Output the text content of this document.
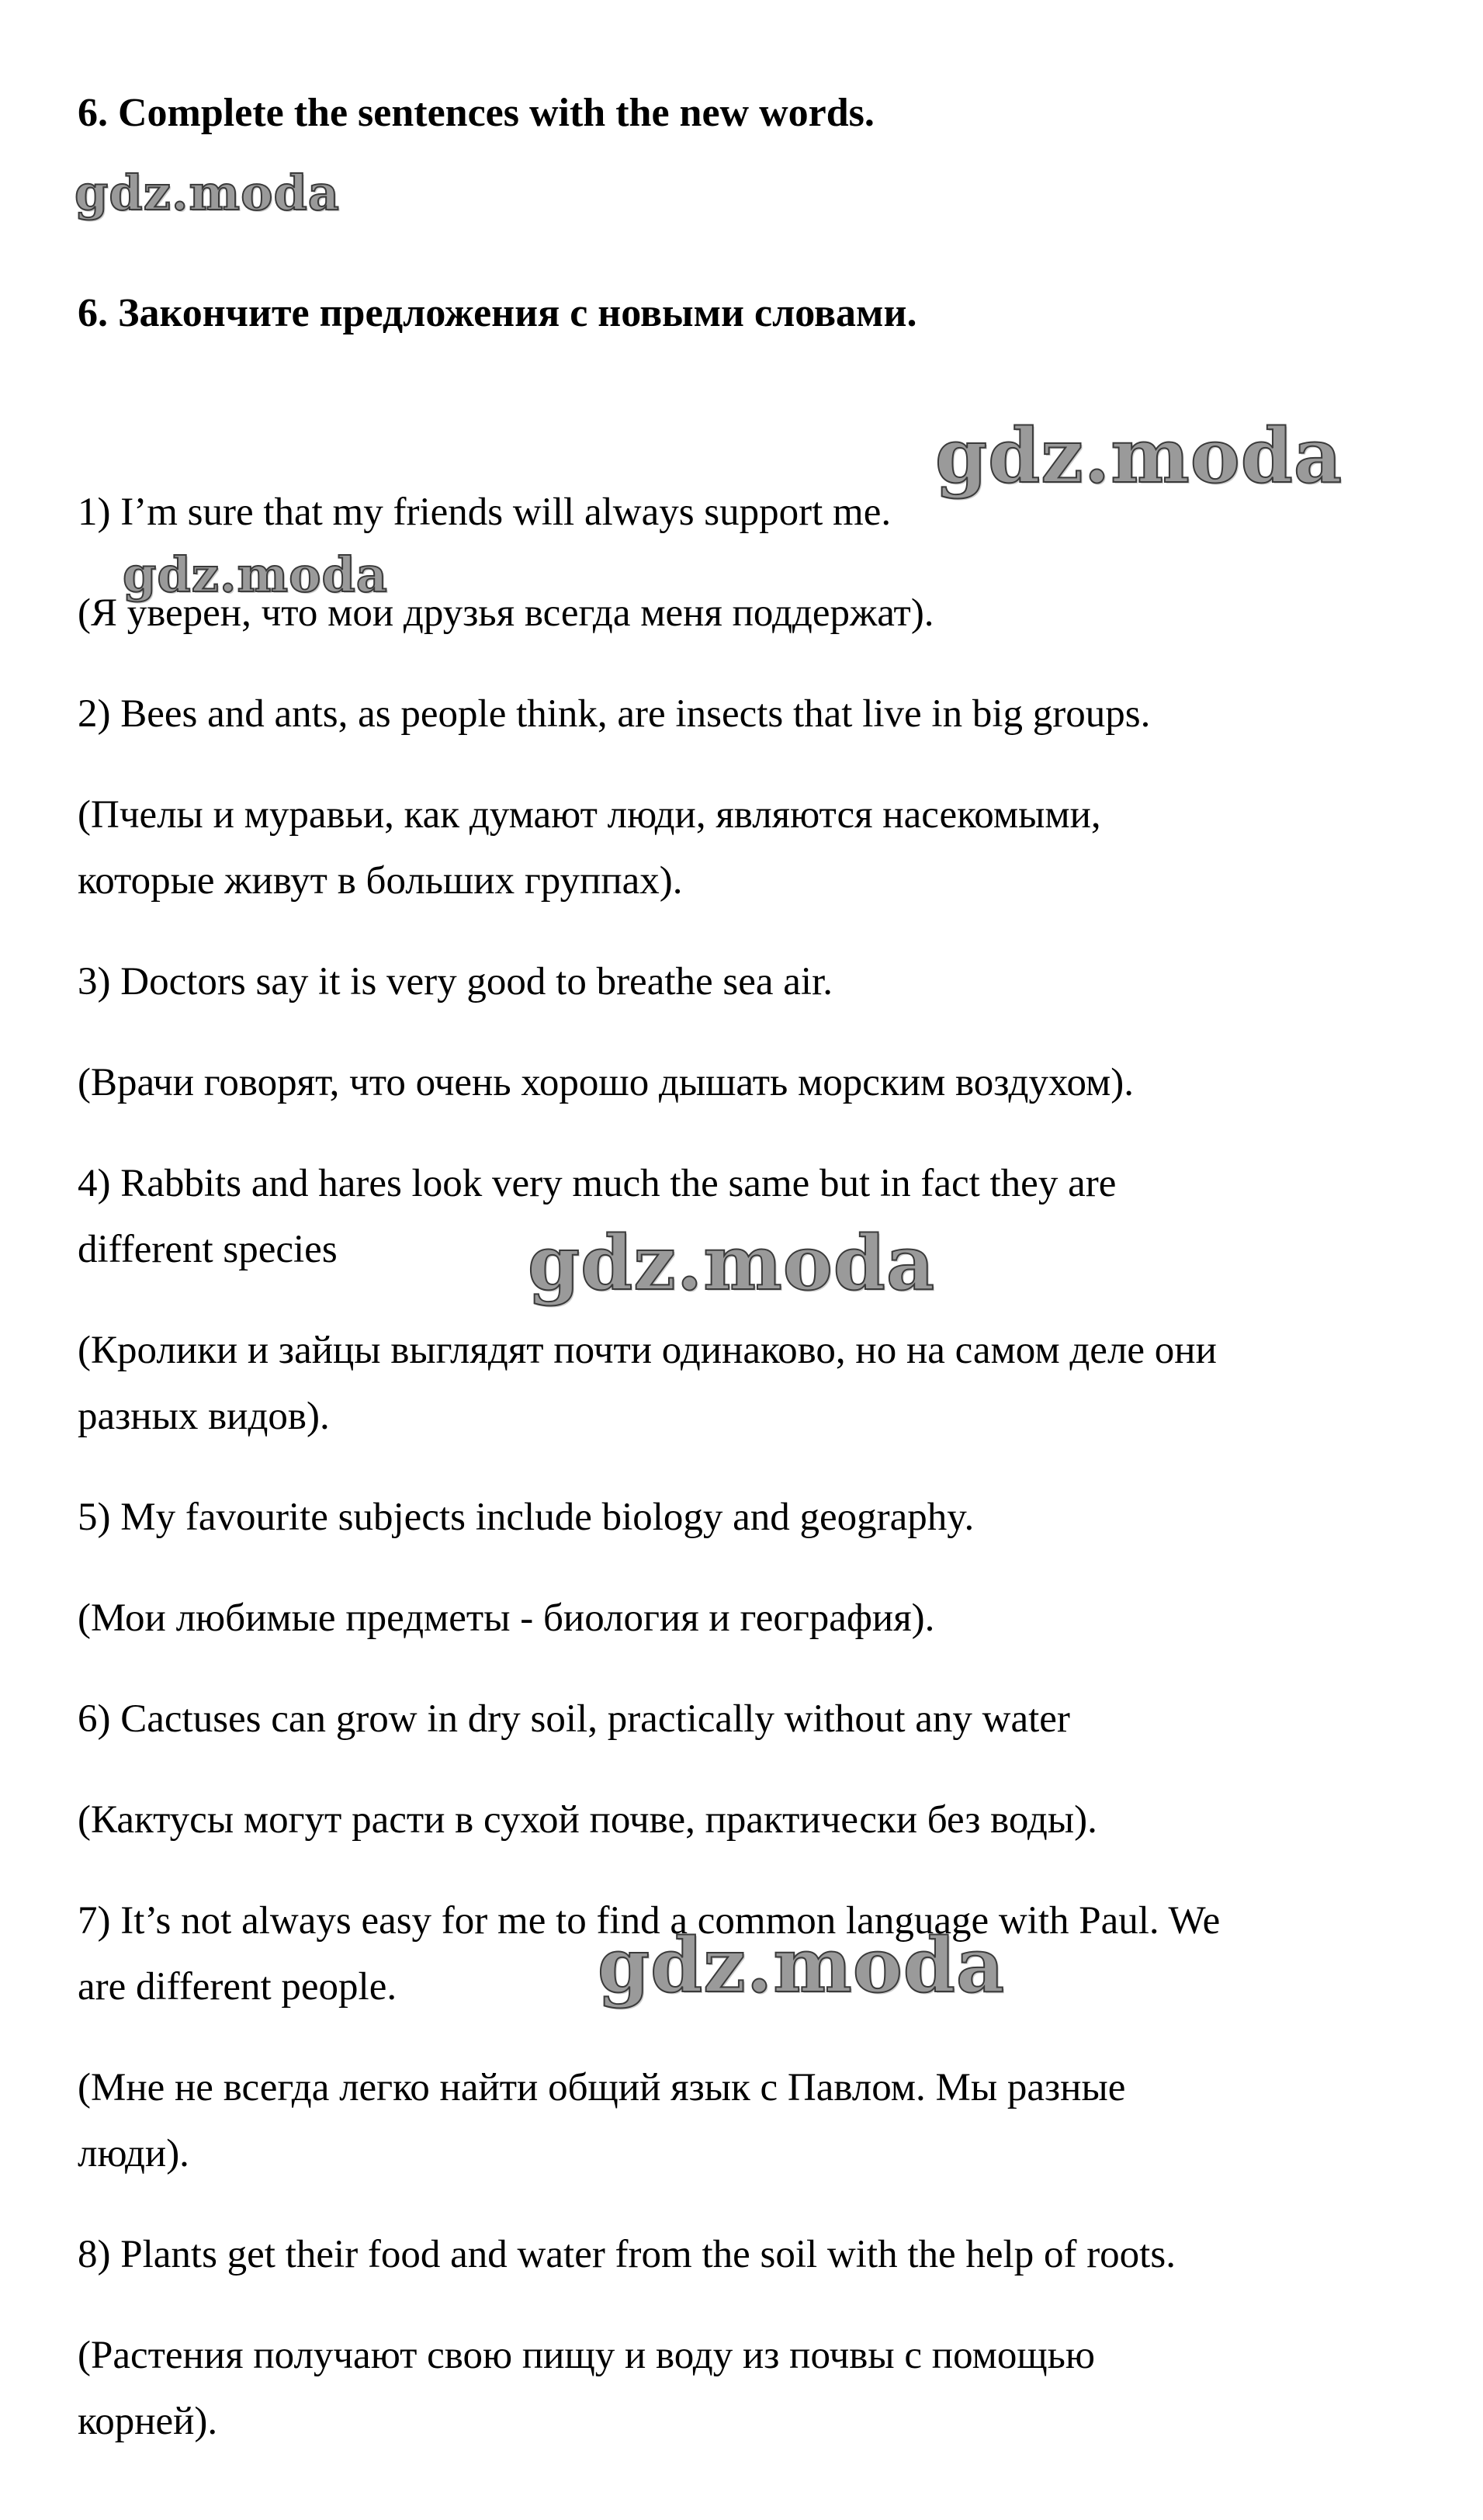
6. Complete the sentences with the new words.
gdz.moda
6. Закончите предложения с новыми словами.
1) I’m sure that my friends will always support me.
(Я уверен, что мои друзья всегда меня поддержат).
2) Bees and ants, as people think, are insects that live in big groups.
(Пчелы и муравьи, как думают люди, являются насекомыми,
которые живут в больших группах).
3) Doctors say it is very good to breathe sea air.
(Врачи говорят, что очень хорошо дышать морским воздухом).
4) Rabbits and hares look very much the same but in fact they are
different species
(Кролики и зайцы выглядят почти одинаково, но на самом деле они
разных видов).
5) My favourite subjects include biology and geography.
(Мои любимые предметы - биология и география).
6) Cactuses can grow in dry soil, practically without any water
(Кактусы могут расти в сухой почве, практически без воды).
7) It’s not always easy for me to find a common language with Paul. We
are different people.
(Мне не всегда легко найти общий язык с Павлом. Мы разные
люди).
8) Plants get their food and water from the soil with the help of roots.
(Растения получают свою пищу и воду из почвы с помощью
корней).
gdz.moda
gdz.moda
gdz.moda
gdz.moda
